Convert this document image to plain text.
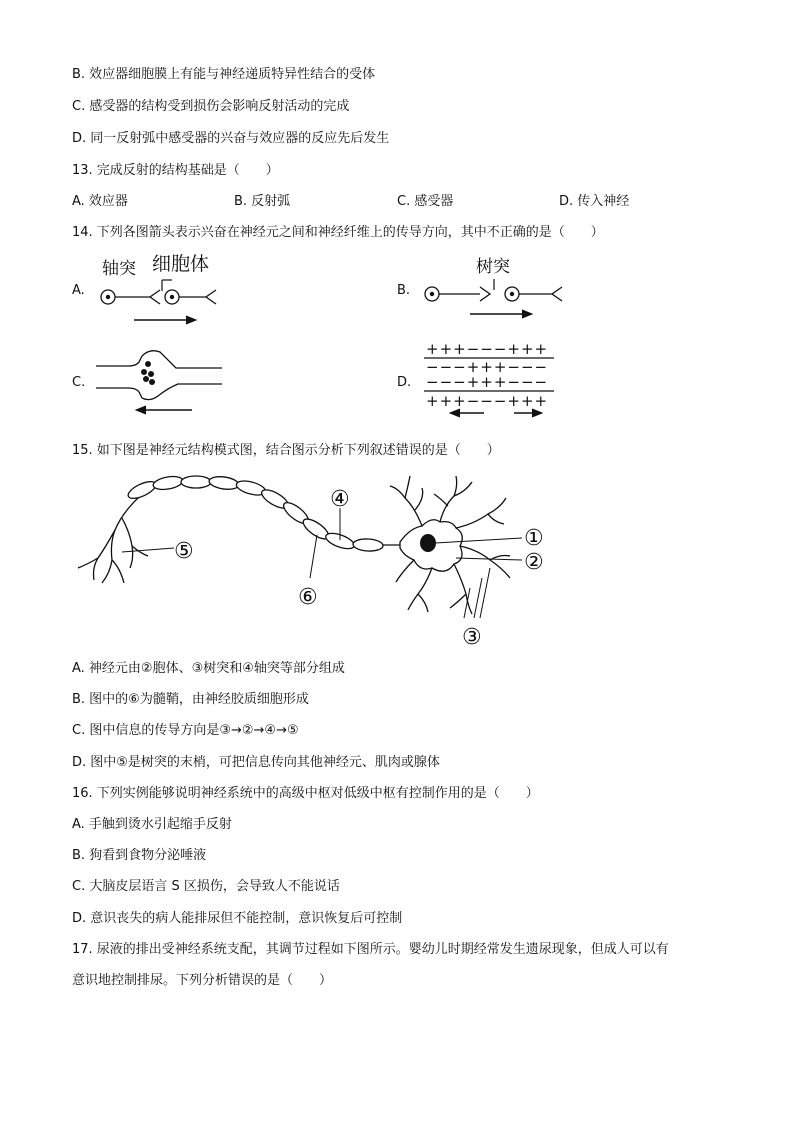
B. 效应器细胞膜上有能与神经递质特异性结合的受体
C. 感受器的结构受到损伤会影响反射活动的完成
D. 同一反射弧中感受器的兴奋与效应器的反应先后发生
13. 完成反射的结构基础是（　　）
A. 效应器	B. 反射弧	C. 感受器	D. 传入神经
14. 下列各图箭头表示兴奋在神经元之间和神经纤维上的传导方向，其中不正确的是（　　）
A.
轴突 细胞体
B.
树突
C.	D.
+++−−−+++
−−−+++−−−
−−−+++−−−
+++−−−+++
15. 如下图是神经元结构模式图，结合图示分析下列叙述错误的是（　　）
①
②
③
④
⑤
⑥
A. 神经元由②胞体、③树突和④轴突等部分组成
B. 图中的⑥为髓鞘，由神经胶质细胞形成
C. 图中信息的传导方向是③→②→④→⑤
D. 图中⑤是树突的末梢，可把信息传向其他神经元、肌肉或腺体
16. 下列实例能够说明神经系统中的高级中枢对低级中枢有控制作用的是（　　）
A. 手触到烫水引起缩手反射
B. 狗看到食物分泌唾液
C. 大脑皮层语言 S 区损伤，会导致人不能说话
D. 意识丧失的病人能排尿但不能控制，意识恢复后可控制
17. 尿液的排出受神经系统支配，其调节过程如下图所示。婴幼儿时期经常发生遗尿现象，但成人可以有
意识地控制排尿。下列分析错误的是（　　）
